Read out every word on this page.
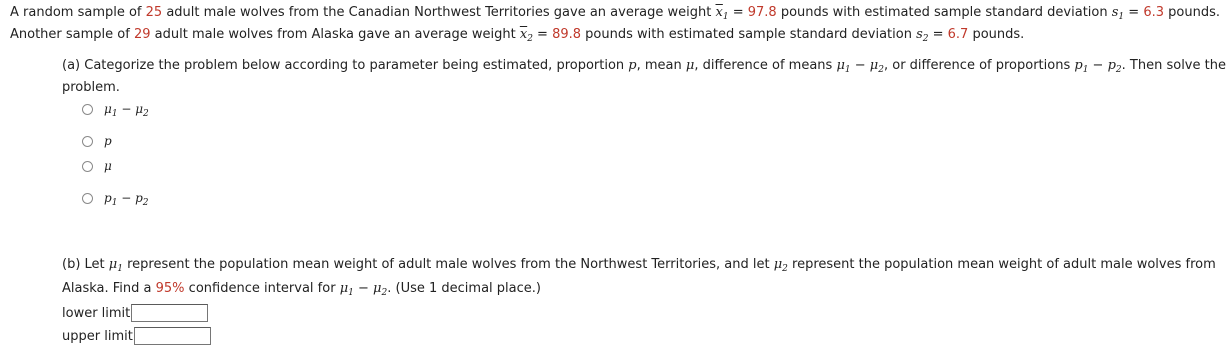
A random sample of 25 adult male wolves from the Canadian Northwest Territories gave an average weight $\overline{x}_1 = 97.8$ pounds with estimated sample standard deviation $s_1 = 6.3$ pounds.
Another sample of 29 adult male wolves from Alaska gave an average weight $\overline{x}_2 = 89.8$ pounds with estimated sample standard deviation $s_2 = 6.7$ pounds.
(a) Categorize the problem below according to parameter being estimated, proportion p, mean μ, difference of means $\mu_1 - \mu_2$, or difference of proportions $p_1 - p_2$. Then solve the
problem.
$\mu_1 - \mu_2$
p
μ
$p_1 - p_2$
(b) Let $\mu_1$ represent the population mean weight of adult male wolves from the Northwest Territories, and let $\mu_2$ represent the population mean weight of adult male wolves from
Alaska. Find a 95% confidence interval for $\mu_1 - \mu_2$. (Use 1 decimal place.)
lower limit
upper limit
